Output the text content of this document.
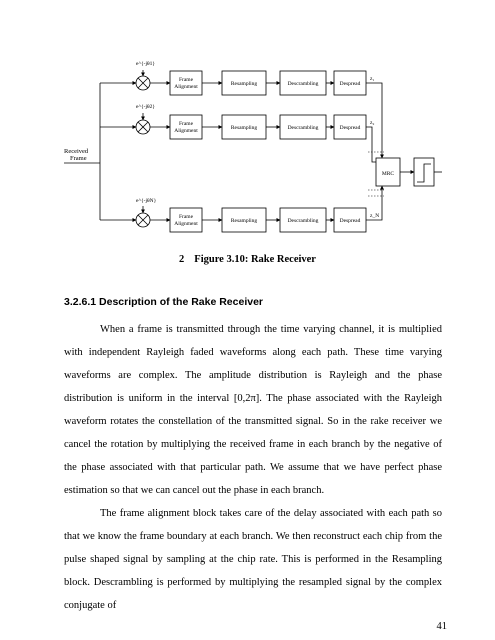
Received
Frame
e^{-jθ1}
Frame
Alignment	Resampling	Descrambling	Despread
z₁
e^{-jθ2}
Frame
Alignment	Resampling	Descrambling	Despread
z₂
e^{-jθN}
Frame
Alignment	Resampling	Descrambling	Despread
z_N
MRC
2 Figure 3.10: Rake Receiver
3.2.6.1 Description of the Rake Receiver

When a frame is transmitted through the time varying channel, it is multiplied with independent Rayleigh faded waveforms along each path. These time varying waveforms are complex. The amplitude distribution is Rayleigh and the phase distribution is uniform in the interval [0,2π]. The phase associated with the Rayleigh waveform rotates the constellation of the transmitted signal. So in the rake receiver we cancel the rotation by multiplying the received frame in each branch by the negative of the phase associated with that particular path. We assume that we have perfect phase estimation so that we can cancel out the phase in each branch.

The frame alignment block takes care of the delay associated with each path so that we know the frame boundary at each branch. We then reconstruct each chip from the pulse shaped signal by sampling at the chip rate. This is performed in the Resampling block. Descrambling is performed by multiplying the resampled signal by the complex conjugate of

41
